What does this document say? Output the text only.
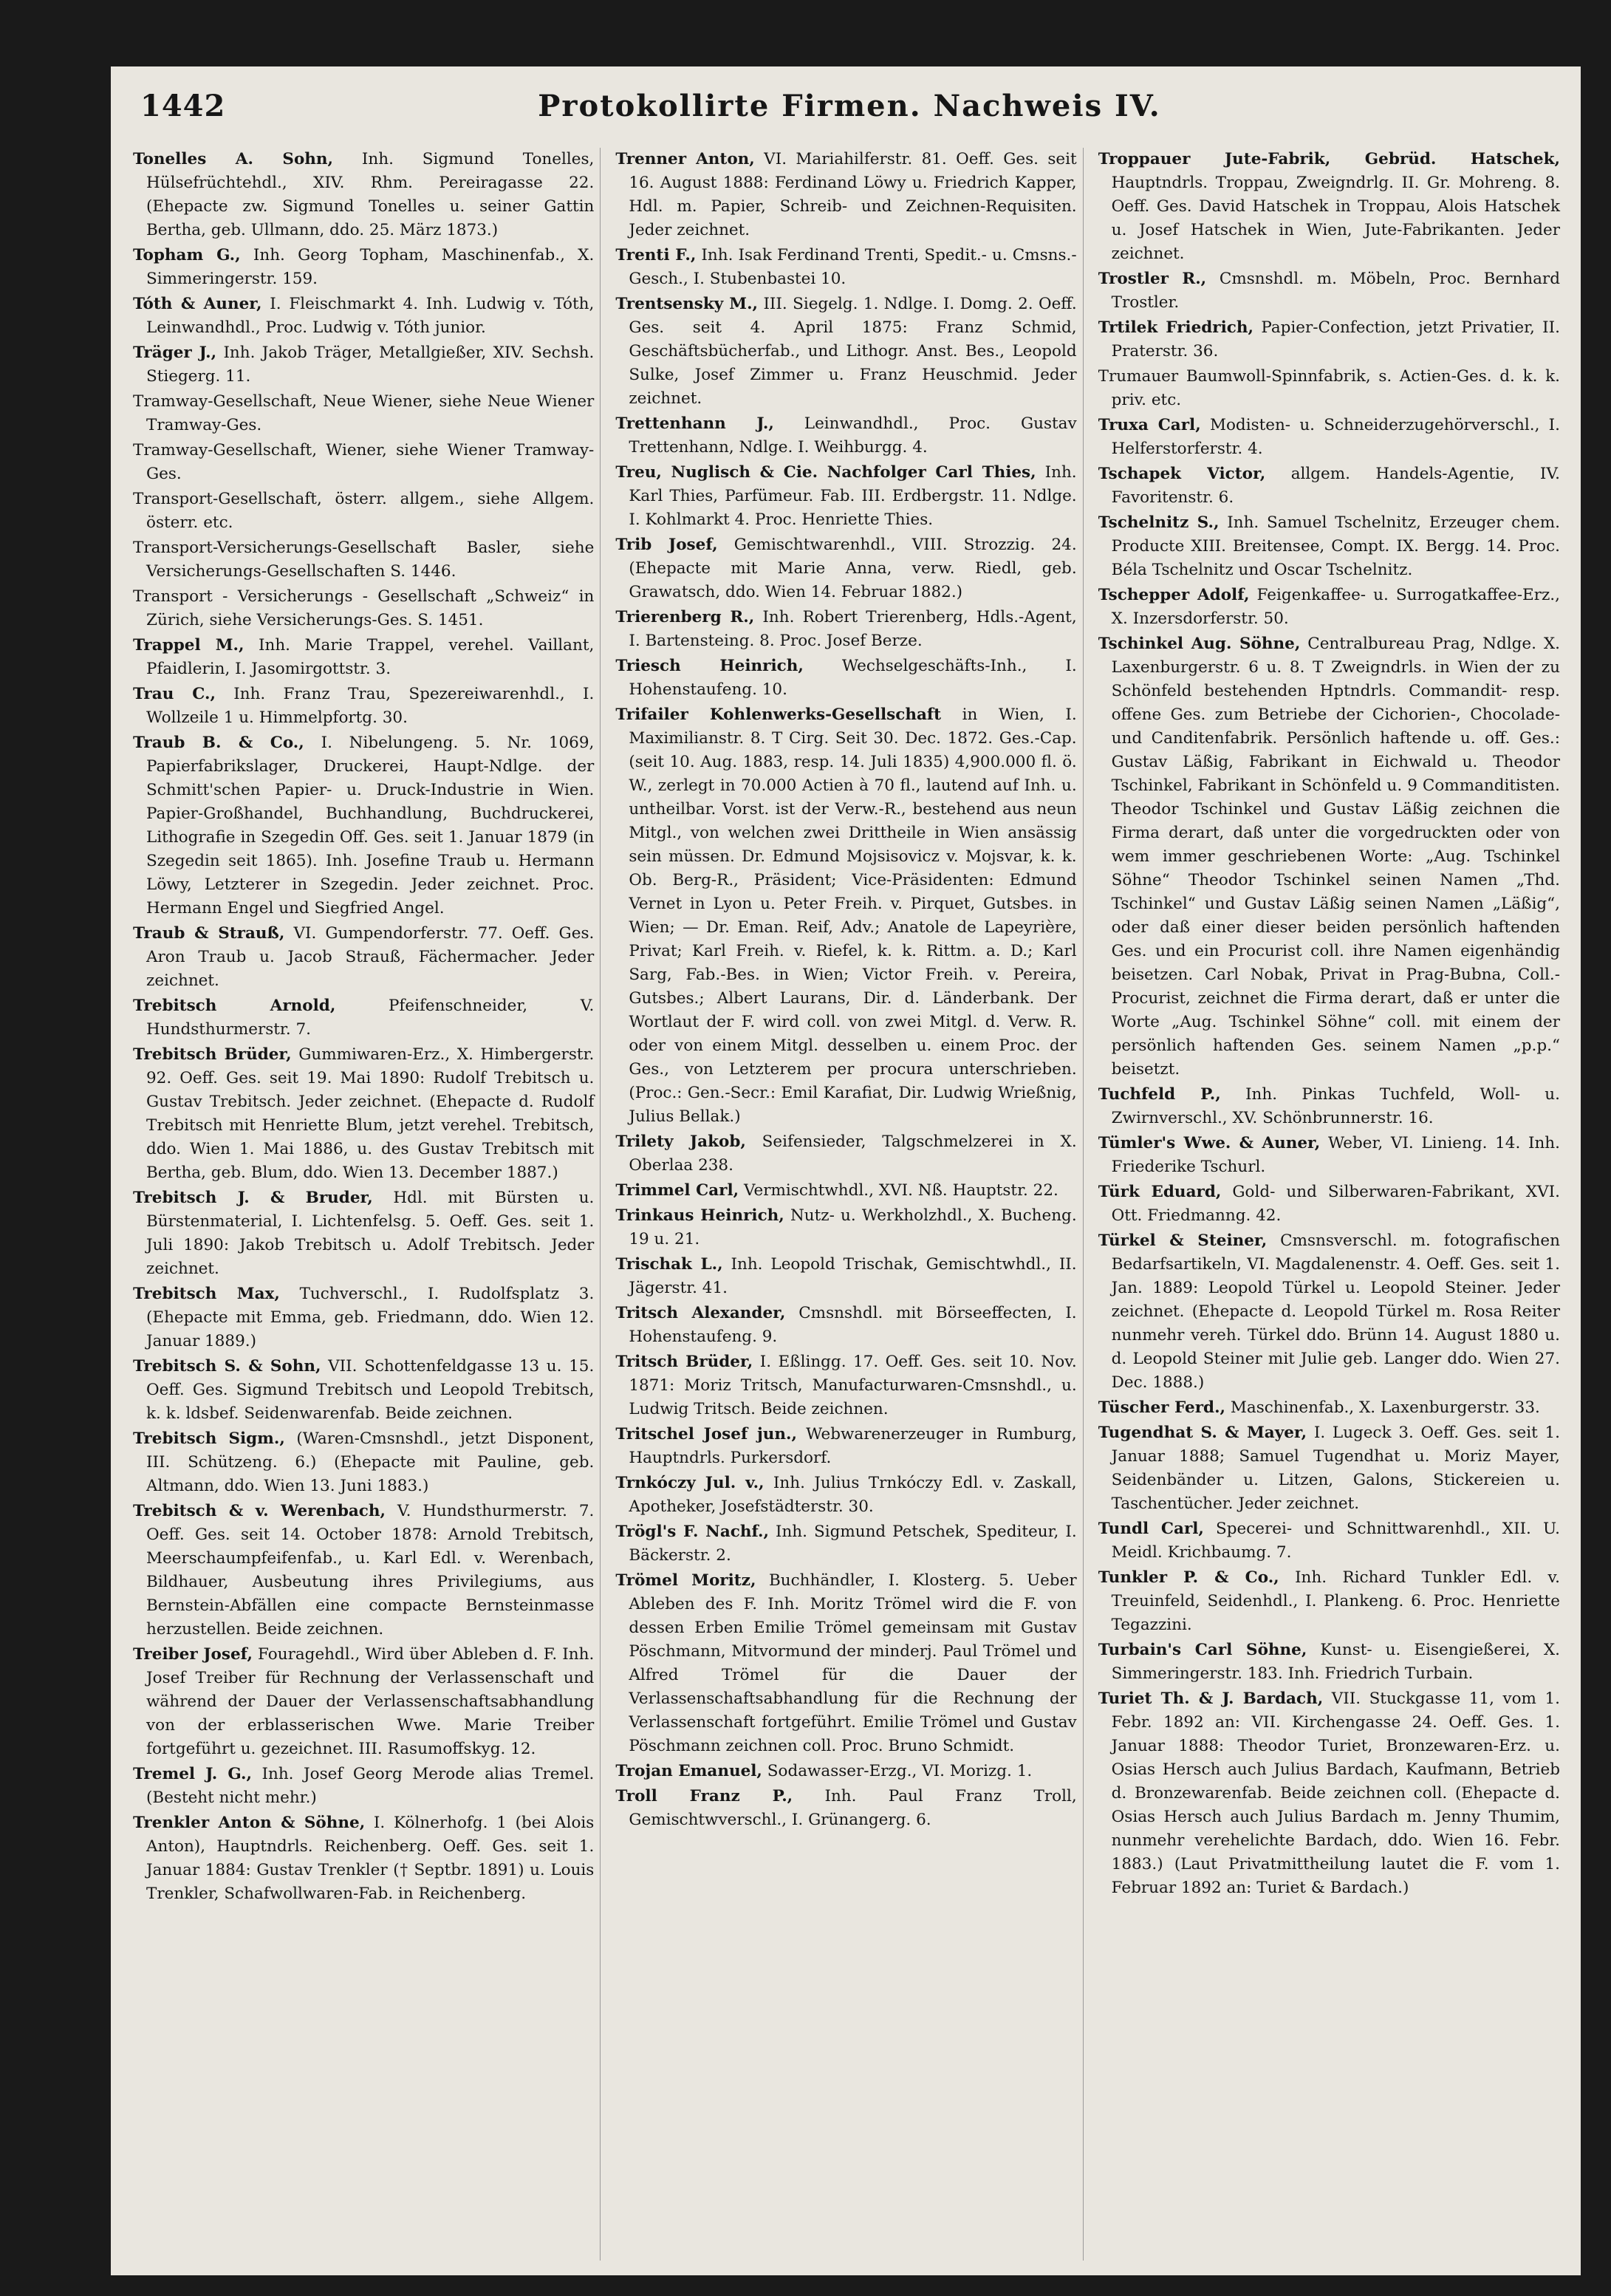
1442	Protokollirte Firmen. Nachweis IV.

Tonelles A. Sohn, Inh. Sigmund Tonelles, Hülsefrüchtehdl., XIV. Rhm. Pereiragasse 22. (Ehepacte zw. Sigmund Tonelles u. seiner Gattin Bertha, geb. Ullmann, ddo. 25. März 1873.)

Topham G., Inh. Georg Topham, Maschinenfab., X. Simmeringerstr. 159.

Tóth & Auner, I. Fleischmarkt 4. Inh. Ludwig v. Tóth, Leinwandhdl., Proc. Ludwig v. Tóth junior.

Träger J., Inh. Jakob Träger, Metallgießer, XIV. Sechsh. Stiegerg. 11.

Tramway-Gesellschaft, Neue Wiener, siehe Neue Wiener Tramway-Ges.

Tramway-Gesellschaft, Wiener, siehe Wiener Tramway-Ges.

Transport-Gesellschaft, österr. allgem., siehe Allgem. österr. etc.

Transport-Versicherungs-Gesellschaft Basler, siehe Versicherungs-Gesellschaften S. 1446.

Transport - Versicherungs - Gesellschaft „Schweiz“ in Zürich, siehe Versicherungs-Ges. S. 1451.

Trappel M., Inh. Marie Trappel, verehel. Vaillant, Pfaidlerin, I. Jasomirgottstr. 3.

Trau C., Inh. Franz Trau, Spezereiwarenhdl., I. Wollzeile 1 u. Himmelpfortg. 30.

Traub B. & Co., I. Nibelungeng. 5. Nr. 1069, Papierfabrikslager, Druckerei, Haupt-Ndlge. der Schmitt'schen Papier- u. Druck-Industrie in Wien. Papier-Großhandel, Buchhandlung, Buchdruckerei, Lithografie in Szegedin Off. Ges. seit 1. Januar 1879 (in Szegedin seit 1865). Inh. Josefine Traub u. Hermann Löwy, Letzterer in Szegedin. Jeder zeichnet. Proc. Hermann Engel und Siegfried Angel.

Traub & Strauß, VI. Gumpendorferstr. 77. Oeff. Ges. Aron Traub u. Jacob Strauß, Fächermacher. Jeder zeichnet.

Trebitsch Arnold,	Pfeifenschneider, V. Hundsthurmerstr. 7.

Trebitsch Brüder, Gummiwaren-Erz., X. Himbergerstr. 92. Oeff. Ges. seit 19. Mai 1890: Rudolf Trebitsch u. Gustav Trebitsch. Jeder zeichnet. (Ehepacte d. Rudolf Trebitsch mit Henriette Blum, jetzt verehel. Trebitsch, ddo. Wien 1. Mai 1886, u. des Gustav Trebitsch mit Bertha, geb. Blum, ddo. Wien 13. December 1887.)

Trebitsch J. & Bruder, Hdl. mit Bürsten u. Bürstenmaterial, I. Lichtenfelsg. 5. Oeff. Ges. seit 1. Juli 1890: Jakob Trebitsch u. Adolf Trebitsch. Jeder zeichnet.

Trebitsch Max, Tuchverschl., I. Rudolfsplatz 3. (Ehepacte mit Emma, geb. Friedmann, ddo. Wien 12. Januar 1889.)

Trebitsch S. & Sohn, VII. Schottenfeldgasse 13 u. 15. Oeff. Ges. Sigmund Trebitsch und Leopold Trebitsch, k. k. ldsbef. Seidenwarenfab. Beide zeichnen.

Trebitsch Sigm., (Waren-Cmsnshdl., jetzt Disponent, III. Schützeng. 6.) (Ehepacte mit Pauline, geb. Altmann, ddo. Wien 13. Juni 1883.)

Trebitsch & v. Werenbach, V. Hundsthurmerstr. 7. Oeff. Ges. seit 14. October 1878: Arnold Trebitsch, Meerschaumpfeifenfab., u. Karl Edl. v. Werenbach, Bildhauer, Ausbeutung ihres Privilegiums, aus Bernstein-Abfällen eine compacte Bernsteinmasse herzustellen. Beide zeichnen.

Treiber Josef, Fouragehdl., Wird über Ableben d. F. Inh. Josef Treiber für Rechnung der Verlassenschaft und während der Dauer der Verlassenschaftsabhandlung von der erblasserischen Wwe. Marie Treiber fortgeführt u. gezeichnet. III. Rasumoffskyg. 12.

Tremel J. G., Inh. Josef Georg Merode alias Tremel. (Besteht nicht mehr.)

Trenkler Anton & Söhne, I. Kölnerhofg. 1 (bei Alois Anton), Hauptndrls. Reichenberg. Oeff. Ges. seit 1. Januar 1884: Gustav Trenkler († Septbr. 1891) u. Louis Trenkler, Schafwollwaren-Fab. in Reichenberg.

Trenner Anton, VI. Mariahilferstr. 81. Oeff. Ges. seit 16. August 1888: Ferdinand Löwy u. Friedrich Kapper, Hdl. m. Papier, Schreib- und Zeichnen-Requisiten. Jeder zeichnet.

Trenti F., Inh. Isak Ferdinand Trenti, Spedit.- u. Cmsns.-Gesch., I. Stubenbastei 10.

Trentsensky M., III. Siegelg. 1. Ndlge. I. Domg. 2. Oeff. Ges. seit 4. April 1875: Franz Schmid, Geschäftsbücherfab., und Lithogr. Anst. Bes., Leopold Sulke, Josef Zimmer u. Franz Heuschmid. Jeder zeichnet.

Trettenhann J., Leinwandhdl., Proc. Gustav Trettenhann, Ndlge. I. Weihburgg. 4.

Treu, Nuglisch & Cie. Nachfolger Carl Thies, Inh. Karl Thies, Parfümeur. Fab. III. Erdbergstr. 11. Ndlge. I. Kohlmarkt 4. Proc. Henriette Thies.

Trib Josef, Gemischtwarenhdl., VIII. Strozzig. 24. (Ehepacte mit Marie Anna, verw. Riedl, geb. Grawatsch, ddo. Wien 14. Februar 1882.)

Trierenberg R., Inh. Robert Trierenberg, Hdls.-Agent, I. Bartensteing. 8. Proc. Josef Berze.

Triesch Heinrich, Wechselgeschäfts-Inh., I. Hohenstaufeng. 10.

Trifailer Kohlenwerks-Gesellschaft in Wien, I. Maximilianstr. 8. T Cirg. Seit 30. Dec. 1872. Ges.-Cap. (seit 10. Aug. 1883, resp. 14. Juli 1835) 4,900.000 fl. ö. W., zerlegt in 70.000 Actien à 70 fl., lautend auf Inh. u. untheilbar. Vorst. ist der Verw.-R., bestehend aus neun Mitgl., von welchen zwei Drittheile in Wien ansässig sein müssen. Dr. Edmund Mojsisovicz v. Mojsvar, k. k. Ob. Berg-R., Präsident; Vice-Präsidenten: Edmund Vernet in Lyon u. Peter Freih. v. Pirquet, Gutsbes. in Wien; — Dr. Eman. Reif, Adv.; Anatole de Lapeyrière, Privat; Karl Freih. v. Riefel, k. k. Rittm. a. D.; Karl Sarg, Fab.-Bes. in Wien; Victor Freih. v. Pereira, Gutsbes.; Albert Laurans, Dir. d. Länderbank. Der Wortlaut der F. wird coll. von zwei Mitgl. d. Verw. R. oder von einem Mitgl. desselben u. einem Proc. der Ges., von Letzterem per procura unterschrieben. (Proc.: Gen.-Secr.: Emil Karafiat, Dir. Ludwig Wrießnig, Julius Bellak.)

Trilety Jakob, Seifensieder, Talgschmelzerei in X. Oberlaa 238.

Trimmel Carl, Vermischtwhdl., XVI. Nß. Hauptstr. 22.

Trinkaus Heinrich, Nutz- u. Werkholzhdl., X. Bucheng. 19 u. 21.

Trischak L., Inh. Leopold Trischak, Gemischtwhdl., II. Jägerstr. 41.

Tritsch Alexander, Cmsnshdl. mit Börseeffecten, I. Hohenstaufeng. 9.

Tritsch Brüder, I. Eßlingg. 17. Oeff. Ges. seit 10. Nov. 1871: Moriz Tritsch, Manufacturwaren-Cmsnshdl., u. Ludwig Tritsch. Beide zeichnen.

Tritschel Josef jun., Webwarenerzeuger in Rumburg, Hauptndrls. Purkersdorf.

Trnkóczy Jul. v., Inh. Julius Trnkóczy Edl. v. Zaskall, Apotheker, Josefstädterstr. 30.

Trögl's F. Nachf., Inh. Sigmund Petschek, Spediteur, I. Bäckerstr. 2.

Trömel Moritz, Buchhändler, I. Klosterg. 5. Ueber Ableben des F. Inh. Moritz Trömel wird die F. von dessen Erben Emilie Trömel gemeinsam mit Gustav Pöschmann, Mitvormund der minderj. Paul Trömel und Alfred Trömel für die Dauer der Verlassenschaftsabhandlung für die Rechnung der Verlassenschaft fortgeführt. Emilie Trömel und Gustav Pöschmann zeichnen coll. Proc. Bruno Schmidt.

Trojan Emanuel, Sodawasser-Erzg., VI. Morizg. 1.

Troll Franz P., Inh. Paul Franz Troll, Gemischtwverschl., I. Grünangerg. 6.

Troppauer Jute-Fabrik, Gebrüd. Hatschek, Hauptndrls. Troppau, Zweigndrlg. II. Gr. Mohreng. 8. Oeff. Ges. David Hatschek in Troppau, Alois Hatschek u. Josef Hatschek in Wien, Jute-Fabrikanten. Jeder zeichnet.

Trostler R., Cmsnshdl. m. Möbeln, Proc. Bernhard Trostler.

Trtilek Friedrich, Papier-Confection, jetzt Privatier, II. Praterstr. 36.

Trumauer Baumwoll-Spinnfabrik, s. Actien-Ges. d. k. k. priv. etc.

Truxa Carl, Modisten- u. Schneiderzugehörverschl., I. Helferstorferstr. 4.

Tschapek Victor, allgem. Handels-Agentie, IV. Favoritenstr. 6.

Tschelnitz S., Inh. Samuel Tschelnitz, Erzeuger chem. Producte XIII. Breitensee, Compt. IX. Bergg. 14. Proc. Béla Tschelnitz und Oscar Tschelnitz.

Tschepper Adolf, Feigenkaffee- u. Surrogatkaffee-Erz., X. Inzersdorferstr. 50.

Tschinkel Aug. Söhne, Centralbureau Prag, Ndlge. X. Laxenburgerstr. 6 u. 8. T Zweigndrls. in Wien der zu Schönfeld bestehenden Hptndrls. Commandit- resp. offene Ges. zum Betriebe der Cichorien-, Chocolade- und Canditenfabrik. Persönlich haftende u. off. Ges.: Gustav Läßig, Fabrikant in Eichwald u. Theodor Tschinkel, Fabrikant in Schönfeld u. 9 Commanditisten. Theodor Tschinkel und Gustav Läßig zeichnen die Firma derart, daß unter die vorgedruckten oder von wem immer geschriebenen Worte: „Aug. Tschinkel Söhne“ Theodor Tschinkel seinen Namen „Thd. Tschinkel“ und Gustav Läßig seinen Namen „Läßig“, oder daß einer dieser beiden persönlich haftenden Ges. und ein Procurist coll. ihre Namen eigenhändig beisetzen. Carl Nobak, Privat in Prag-Bubna, Coll.-Procurist, zeichnet die Firma derart, daß er unter die Worte „Aug. Tschinkel Söhne“ coll. mit einem der persönlich haftenden Ges. seinem Namen „p.p.“ beisetzt.

Tuchfeld P., Inh. Pinkas Tuchfeld, Woll- u. Zwirnverschl., XV. Schönbrunnerstr. 16.

Tümler's Wwe. & Auner, Weber, VI. Linieng. 14. Inh. Friederike Tschurl.

Türk Eduard, Gold- und Silberwaren-Fabrikant, XVI. Ott. Friedmanng. 42.

Türkel & Steiner, Cmsnsverschl. m. fotografischen Bedarfsartikeln, VI. Magdalenenstr. 4. Oeff. Ges. seit 1. Jan. 1889: Leopold Türkel u. Leopold Steiner. Jeder zeichnet. (Ehepacte d. Leopold Türkel m. Rosa Reiter nunmehr vereh. Türkel ddo. Brünn 14. August 1880 u. d. Leopold Steiner mit Julie geb. Langer ddo. Wien 27. Dec. 1888.)

Tüscher Ferd., Maschinenfab., X. Laxenburgerstr. 33.

Tugendhat S. & Mayer, I. Lugeck 3. Oeff. Ges. seit 1. Januar 1888; Samuel Tugendhat u. Moriz Mayer, Seidenbänder u. Litzen, Galons, Stickereien u. Taschentücher. Jeder zeichnet.

Tundl Carl, Specerei- und Schnittwarenhdl., XII. U. Meidl. Krichbaumg. 7.

Tunkler P. & Co., Inh. Richard Tunkler Edl. v. Treuinfeld, Seidenhdl., I. Plankeng. 6. Proc. Henriette Tegazzini.

Turbain's Carl Söhne, Kunst- u. Eisengießerei, X. Simmeringerstr. 183. Inh. Friedrich Turbain.

Turiet Th. & J. Bardach, VII. Stuckgasse 11, vom 1. Febr. 1892 an: VII. Kirchengasse 24. Oeff. Ges. 1. Januar 1888: Theodor Turiet, Bronzewaren-Erz. u. Osias Hersch auch Julius Bardach, Kaufmann, Betrieb d. Bronzewarenfab. Beide zeichnen coll. (Ehepacte d. Osias Hersch auch Julius Bardach m. Jenny Thumim, nunmehr verehelichte Bardach, ddo. Wien 16. Febr. 1883.) (Laut Privatmittheilung lautet die F. vom 1. Februar 1892 an: Turiet & Bardach.)
